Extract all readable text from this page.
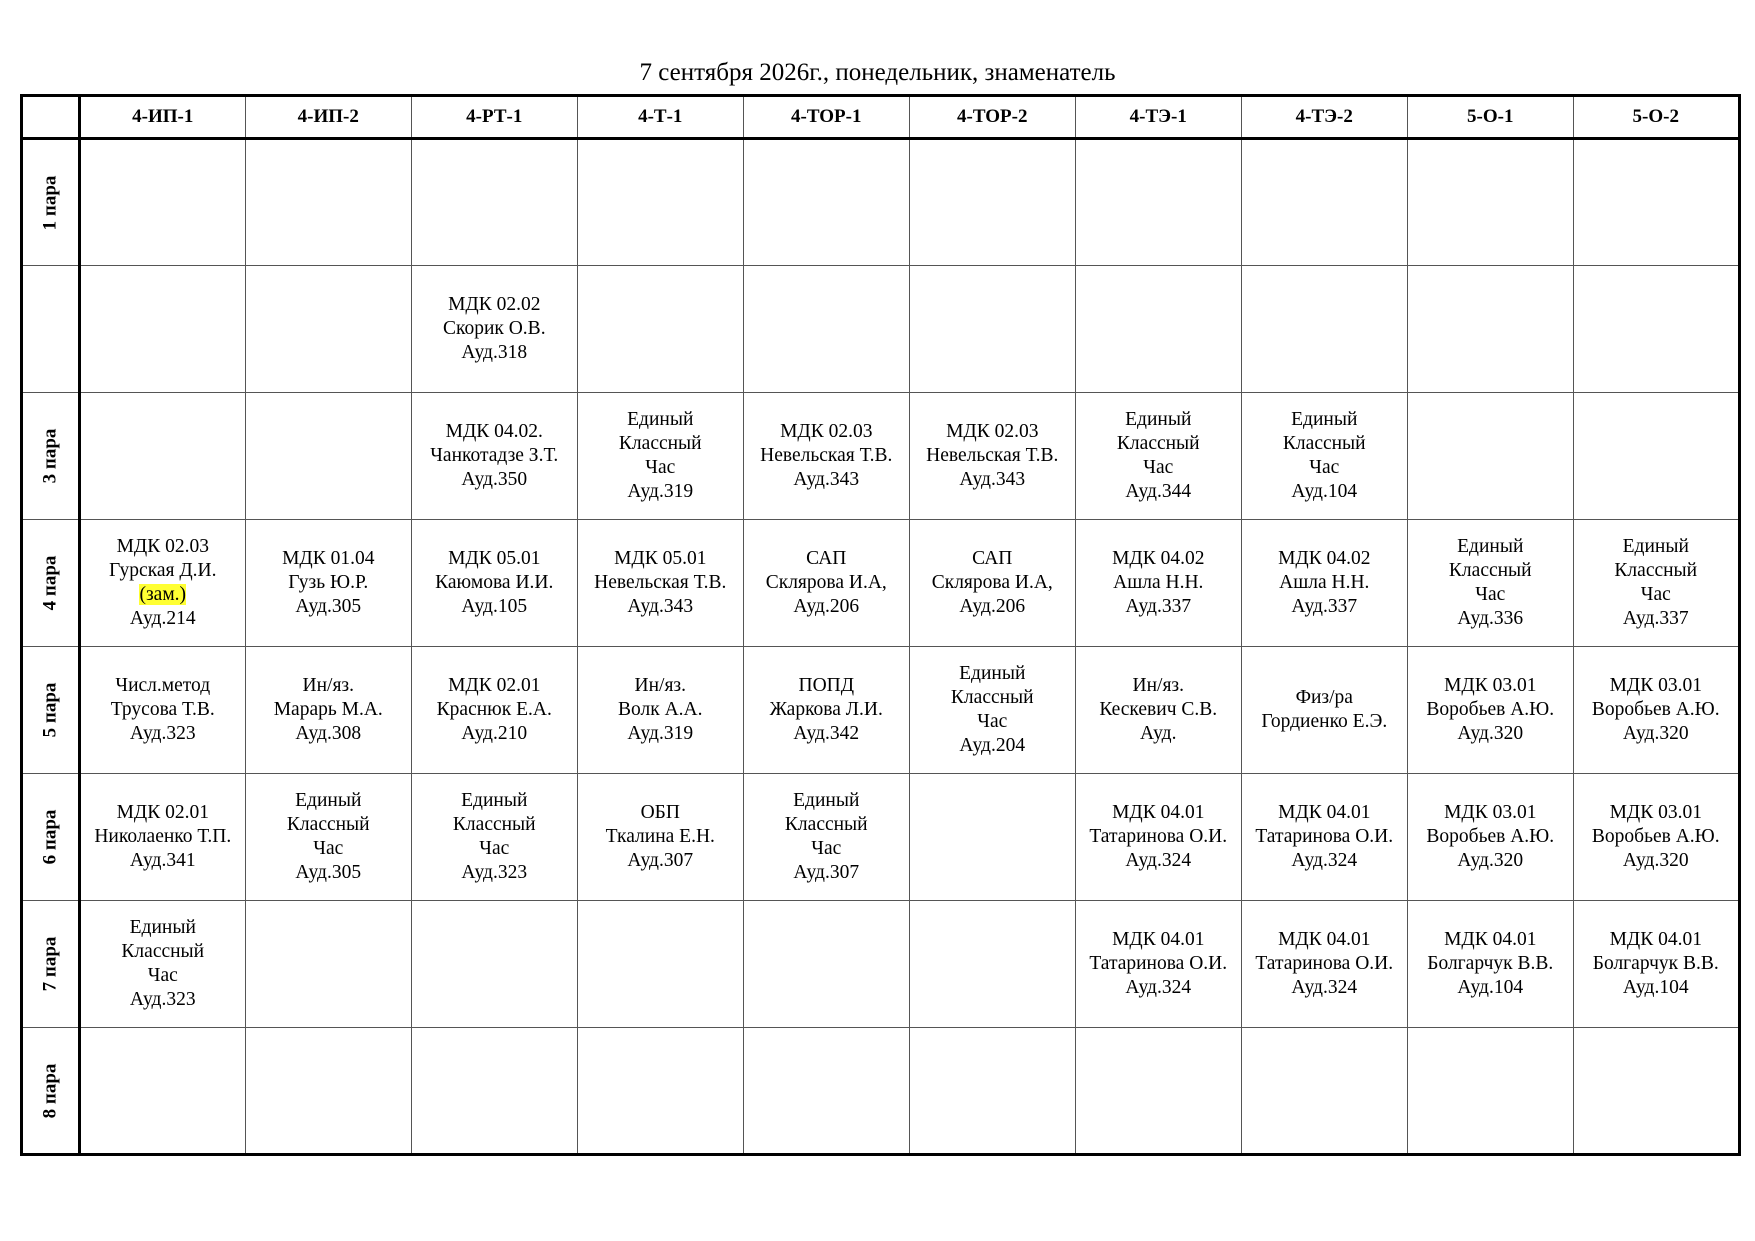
7 сентября 2026г., понедельник, знаменатель
	4-ИП-1	4-ИП-2	4-РТ-1	4-Т-1	4-ТОР-1	4-ТОР-2	4-ТЭ-1	4-ТЭ-2	5-О-1	5-О-2
1 пара										

			МДК 02.02
Скорик О.В.
Ауд.318							

3 пара			МДК 04.02.
Чанкотадзе З.Т.
Ауд.350	Единый
Классный
Час
Ауд.319	МДК 02.03
Невельская Т.В.
Ауд.343	МДК 02.03
Невельская Т.В.
Ауд.343	Единый
Классный
Час
Ауд.344	Единый
Классный
Час
Ауд.104		

4 пара	МДК 02.03
Гурская Д.И.
(зам.)
Ауд.214	МДК 01.04
Гузь Ю.Р.
Ауд.305	МДК 05.01
Каюмова И.И.
Ауд.105	МДК 05.01
Невельская Т.В.
Ауд.343	САП
Склярова И.А,
Ауд.206	САП
Склярова И.А,
Ауд.206	МДК 04.02
Ашла Н.Н.
Ауд.337	МДК 04.02
Ашла Н.Н.
Ауд.337	Единый
Классный
Час
Ауд.336	Единый
Классный
Час
Ауд.337

5 пара	Числ.метод
Трусова Т.В.
Ауд.323	Ин/яз.
Марарь М.А.
Ауд.308	МДК 02.01
Краснюк Е.А.
Ауд.210	Ин/яз.
Волк А.А.
Ауд.319	ПОПД
Жаркова Л.И.
Ауд.342	Единый
Классный
Час
Ауд.204	Ин/яз.
Кескевич С.В.
Ауд.	Физ/ра
Гордиенко Е.Э.	МДК 03.01
Воробьев А.Ю.
Ауд.320	МДК 03.01
Воробьев А.Ю.
Ауд.320

6 пара	МДК 02.01
Николаенко Т.П.
Ауд.341	Единый
Классный
Час
Ауд.305	Единый
Классный
Час
Ауд.323	ОБП
Ткалина Е.Н.
Ауд.307	Единый
Классный
Час
Ауд.307		МДК 04.01
Татаринова О.И.
Ауд.324	МДК 04.01
Татаринова О.И.
Ауд.324	МДК 03.01
Воробьев А.Ю.
Ауд.320	МДК 03.01
Воробьев А.Ю.
Ауд.320

7 пара	Единый
Классный
Час
Ауд.323						МДК 04.01
Татаринова О.И.
Ауд.324	МДК 04.01
Татаринова О.И.
Ауд.324	МДК 04.01
Болгарчук В.В.
Ауд.104	МДК 04.01
Болгарчук В.В.
Ауд.104

8 пара										
